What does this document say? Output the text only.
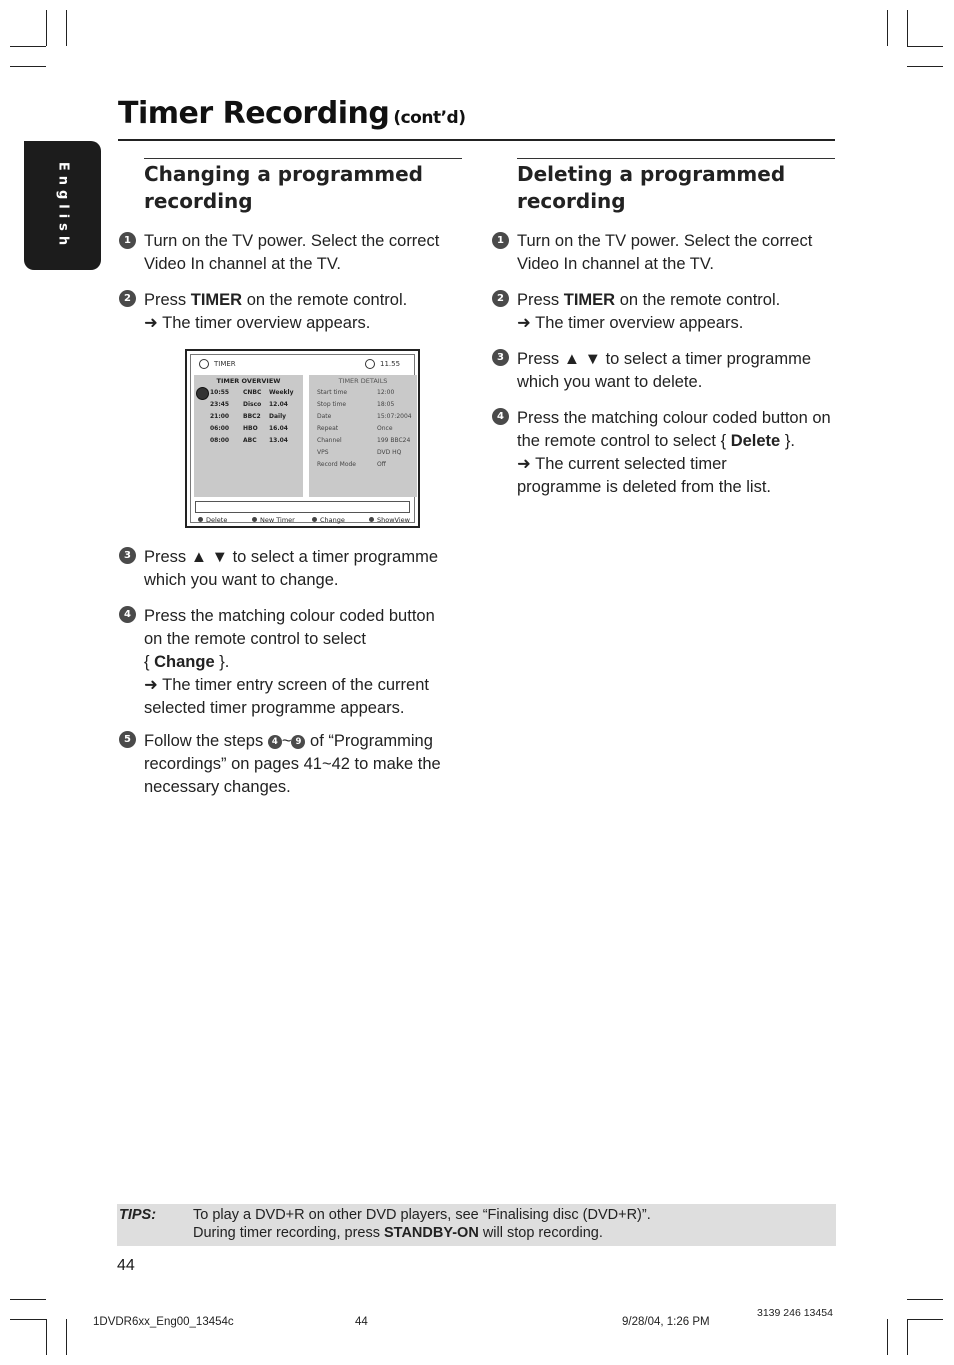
Timer Recording (cont’d)
English	Changing a programmed
recording
1 Turn on the TV power. Select the correct
Video In channel at the TV.
2 Press TIMER on the remote control.
➜ The timer overview appears.
TIMER	11.55
TIMER OVERVIEW
10:55 CNBC Weekly
23:45 Disco 12.04
21:00 BBC2 Daily
06:00 HBO 16.04
08:00 ABC 13.04
TIMER DETAILS
Start time	12:00
Stop time	18:05
Date	15:07:2004
Repeat	Once
Channel	199 BBC24
VPS	DVD HQ
Record Mode	Off
Delete	New Timer	Change	ShowView
3 Press ▲ ▼ to select a timer programme
which you want to change.
4 Press the matching colour coded button
on the remote control to select
{ Change }.
➜ The timer entry screen of the current
selected timer programme appears.
5 Follow the steps 4 ~ 9 of “Programming
recordings” on pages 41~42 to make the
necessary changes.
Deleting a programmed
recording
1 Turn on the TV power. Select the correct
Video In channel at the TV.
2 Press TIMER on the remote control.
➜ The timer overview appears.
3 Press ▲ ▼ to select a timer programme
which you want to delete.
4 Press the matching colour coded button on
the remote control to select { Delete }.
➜ The current selected timer
programme is deleted from the list.
TIPS:	To play a DVD+R on other DVD players, see “Finalising disc (DVD+R)”.
During timer recording, press STANDBY-ON will stop recording.
44
1DVDR6xx_Eng00_13454c	44	9/28/04, 1:26 PM
3139 246 13454
